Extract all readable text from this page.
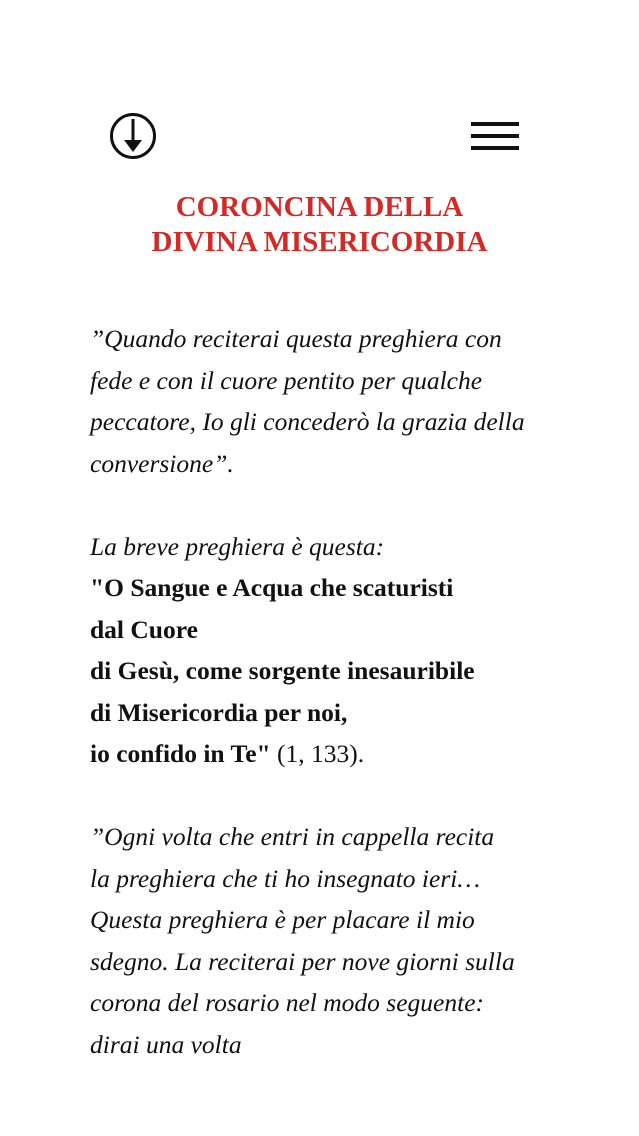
CORONCINA DELLA
DIVINA MISERICORDIA

”Quando reciterai questa preghiera con
fede e con il cuore pentito per qualche
peccatore, Io gli concederò la grazia della
conversione”.

La breve preghiera è questa:
"O Sangue e Acqua che scaturisti
dal Cuore
di Gesù, come sorgente inesauribile
di Misericordia per noi,
io confido in Te" (1, 133).

”Ogni volta che entri in cappella recita
la preghiera che ti ho insegnato ieri…
Questa preghiera è per placare il mio
sdegno. La reciterai per nove giorni sulla
corona del rosario nel modo seguente:
dirai una volta
